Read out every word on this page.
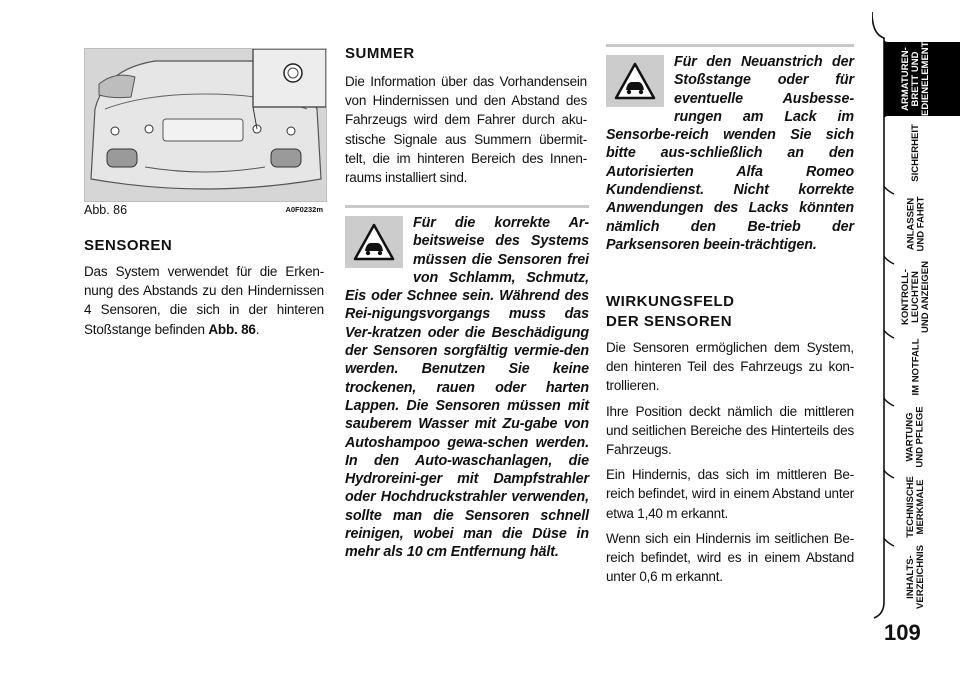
Abb. 86	A0F0232m
SENSOREN

Das System verwendet für die Erken-nung des Abstands zu den Hindernissen 4 Sensoren, die sich in der hinteren Stoßstange befinden Abb. 86.

SUMMER

Die Information über das Vorhandensein von Hindernissen und den Abstand des Fahrzeugs wird dem Fahrer durch aku-stische Signale aus Summern übermit-telt, die im hinteren Bereich des Innen-raums installiert sind.

Für die korrekte Ar-beitsweise des Systems müssen die Sensoren frei von Schlamm, Schmutz, Eis oder Schnee sein. Während des Rei-nigungsvorgangs muss das Ver-kratzen oder die Beschädigung der Sensoren sorgfältig vermie-den werden. Benutzen Sie keine trockenen, rauen oder harten Lappen. Die Sensoren müssen mit sauberem Wasser mit Zu-gabe von Autoshampoo gewa-schen werden. In den Auto-waschanlagen, die Hydroreini-ger mit Dampfstrahler oder Hochdruckstrahler verwenden, sollte man die Sensoren schnell reinigen, wobei man die Düse in mehr als 10 cm Entfernung hält.
Für den Neuanstrich der Stoßstange oder für eventuelle Ausbesse-rungen am Lack im Sensorbe-reich wenden Sie sich bitte aus-schließlich an den Autorisierten Alfa Romeo Kundendienst. Nicht korrekte Anwendungen des Lacks könnten nämlich den Be-trieb der Parksensoren beein-trächtigen.
WIRKUNGSFELD
DER SENSOREN

Die Sensoren ermöglichen dem System, den hinteren Teil des Fahrzeugs zu kon-trollieren.

Ihre Position deckt nämlich die mittleren und seitlichen Bereiche des Hinterteils des Fahrzeugs.

Ein Hindernis, das sich im mittleren Be-reich befindet, wird in einem Abstand unter etwa 1,40 m erkannt.

Wenn sich ein Hindernis im seitlichen Be-reich befindet, wird es in einem Abstand unter 0,6 m erkannt.

ARMATUREN-
BRETT UND
BEDIENELEMENTE
SICHERHEIT
ANLASSEN
UND FAHRT
KONTROLL-
LEUCHTEN
UND ANZEIGEN
IM NOTFALL
WARTUNG
UND PFLEGE
TECHNISCHE
MERKMALE
INHALTS-
VERZEICHNIS
109
